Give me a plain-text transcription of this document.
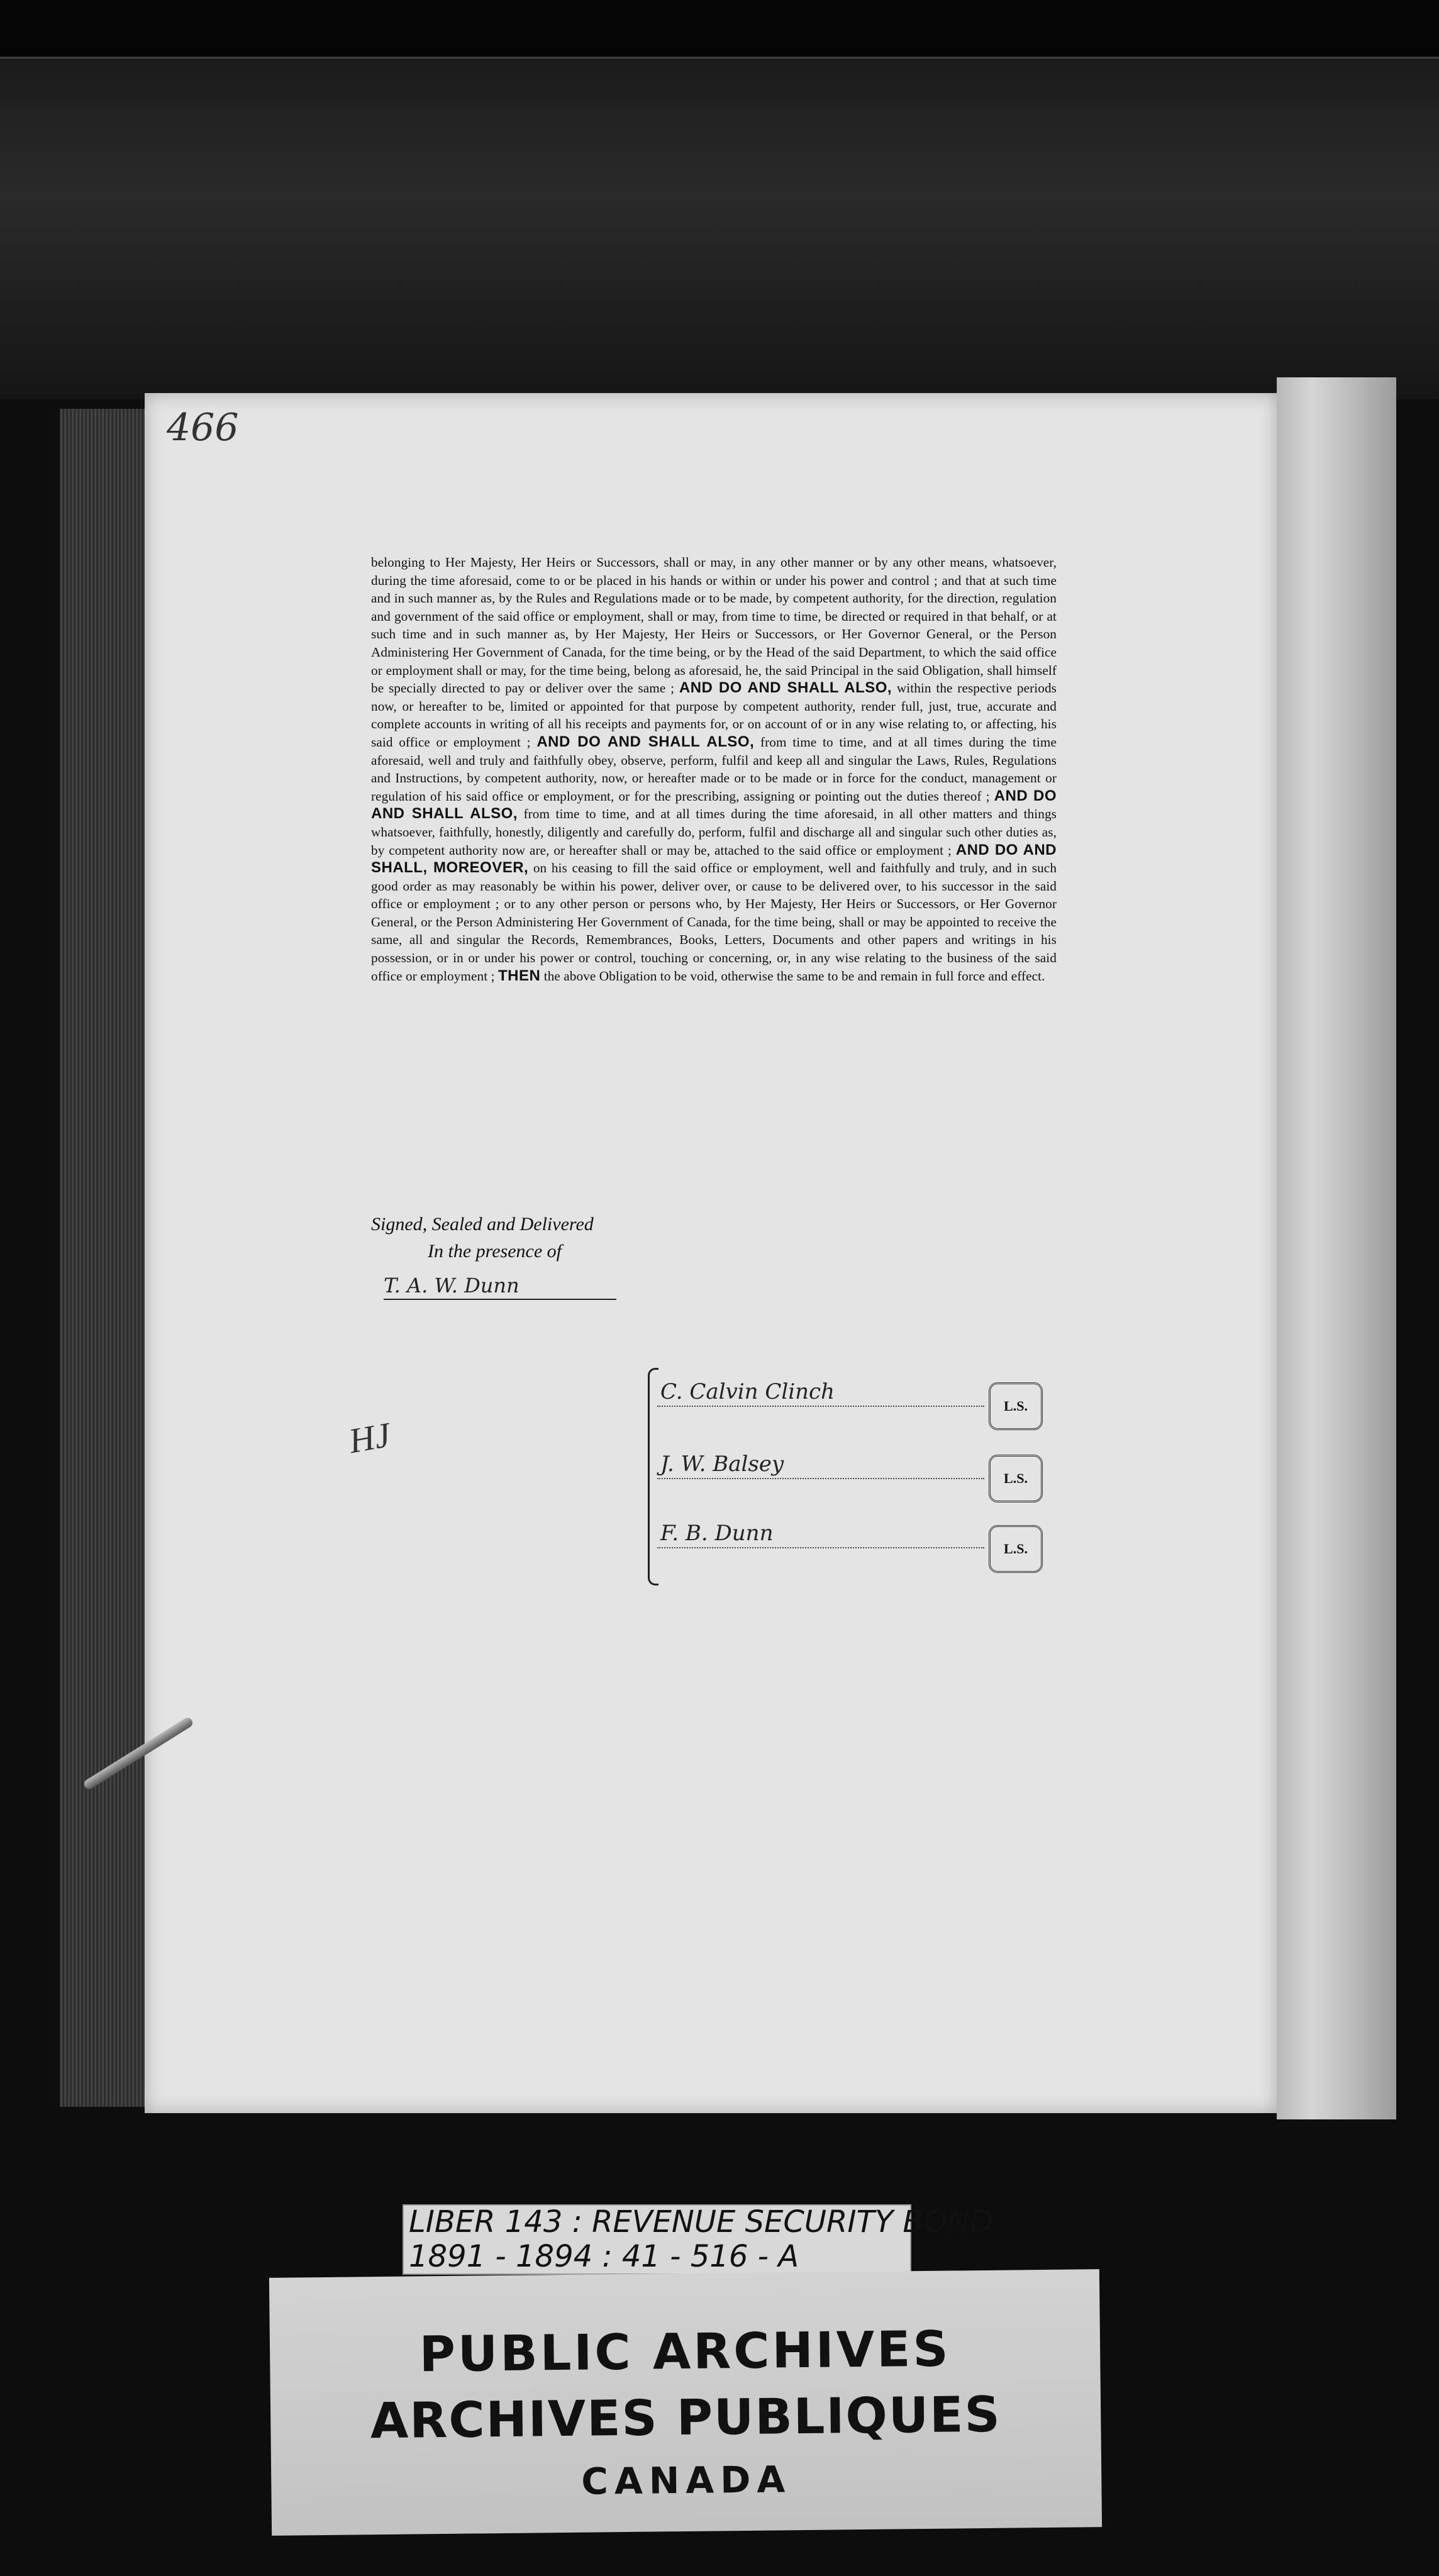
466
belonging to Her Majesty, Her Heirs or Successors, shall or may, in any other manner or by any other means, whatsoever, during the time aforesaid, come to or be placed in his hands or within or under his power and control ; and that at such time and in such manner as, by the Rules and Regulations made or to be made, by competent authority, for the direction, regulation and government of the said office or employment, shall or may, from time to time, be directed or required in that behalf, or at such time and in such manner as, by Her Majesty, Her Heirs or Successors, or Her Governor General, or the Person Administering Her Government of Canada, for the time being, or by the Head of the said Department, to which the said office or employment shall or may, for the time being, belong as aforesaid, he, the said Principal in the said Obligation, shall himself be specially directed to pay or deliver over the same ; AND DO AND SHALL ALSO, within the respective periods now, or hereafter to be, limited or appointed for that purpose by competent authority, render full, just, true, accurate and complete accounts in writing of all his receipts and payments for, or on account of or in any wise relating to, or affecting, his said office or employment ; AND DO AND SHALL ALSO, from time to time, and at all times during the time aforesaid, well and truly and faithfully obey, observe, perform, fulfil and keep all and singular the Laws, Rules, Regulations and Instructions, by competent authority, now, or hereafter made or to be made or in force for the conduct, management or regulation of his said office or employment, or for the prescribing, assigning or pointing out the duties thereof ; AND DO AND SHALL ALSO, from time to time, and at all times during the time aforesaid, in all other matters and things whatsoever, faithfully, honestly, diligently and carefully do, perform, fulfil and discharge all and singular such other duties as, by competent authority now are, or hereafter shall or may be, attached to the said office or employment ; AND DO AND SHALL, MOREOVER, on his ceasing to fill the said office or employment, well and faithfully and truly, and in such good order as may reasonably be within his power, deliver over, or cause to be delivered over, to his successor in the said office or employment ; or to any other person or persons who, by Her Majesty, Her Heirs or Successors, or Her Governor General, or the Person Administering Her Government of Canada, for the time being, shall or may be appointed to receive the same, all and singular the Records, Remembrances, Books, Letters, Documents and other papers and writings in his possession, or in or under his power or control, touching or concerning, or, in any wise relating to the business of the said office or employment ; THEN the above Obligation to be void, otherwise the same to be and remain in full force and effect.
Signed, Sealed and Delivered
In the presence of
T. A. W. Dunn
HJ
C. Calvin Clinch
L.S.
J. W. Balsey
L.S.
F. B. Dunn
L.S.
LIBER 143 : REVENUE SECURITY BOND
1891 - 1894 : 41 - 516 - A
PUBLIC ARCHIVES
ARCHIVES PUBLIQUES
CANADA
